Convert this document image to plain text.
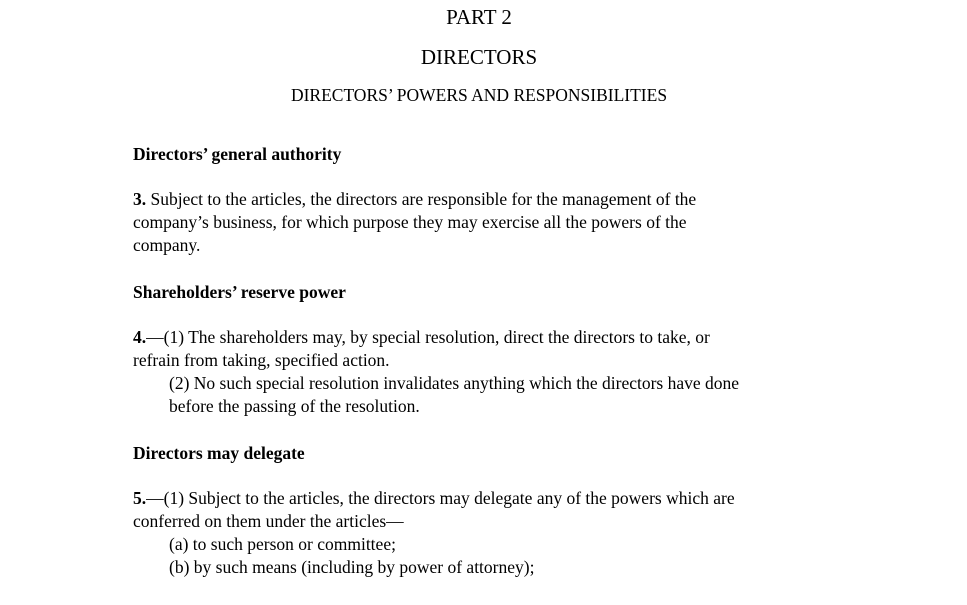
PART 2
DIRECTORS
DIRECTORS’ POWERS AND RESPONSIBILITIES
Directors’ general authority
3. Subject to the articles, the directors are responsible for the management of the
company’s business, for which purpose they may exercise all the powers of the
company.
Shareholders’ reserve power
4.—(1) The shareholders may, by special resolution, direct the directors to take, or
refrain from taking, specified action.
(2) No such special resolution invalidates anything which the directors have done
before the passing of the resolution.
Directors may delegate
5.—(1) Subject to the articles, the directors may delegate any of the powers which are
conferred on them under the articles—
(a) to such person or committee;
(b) by such means (including by power of attorney);
